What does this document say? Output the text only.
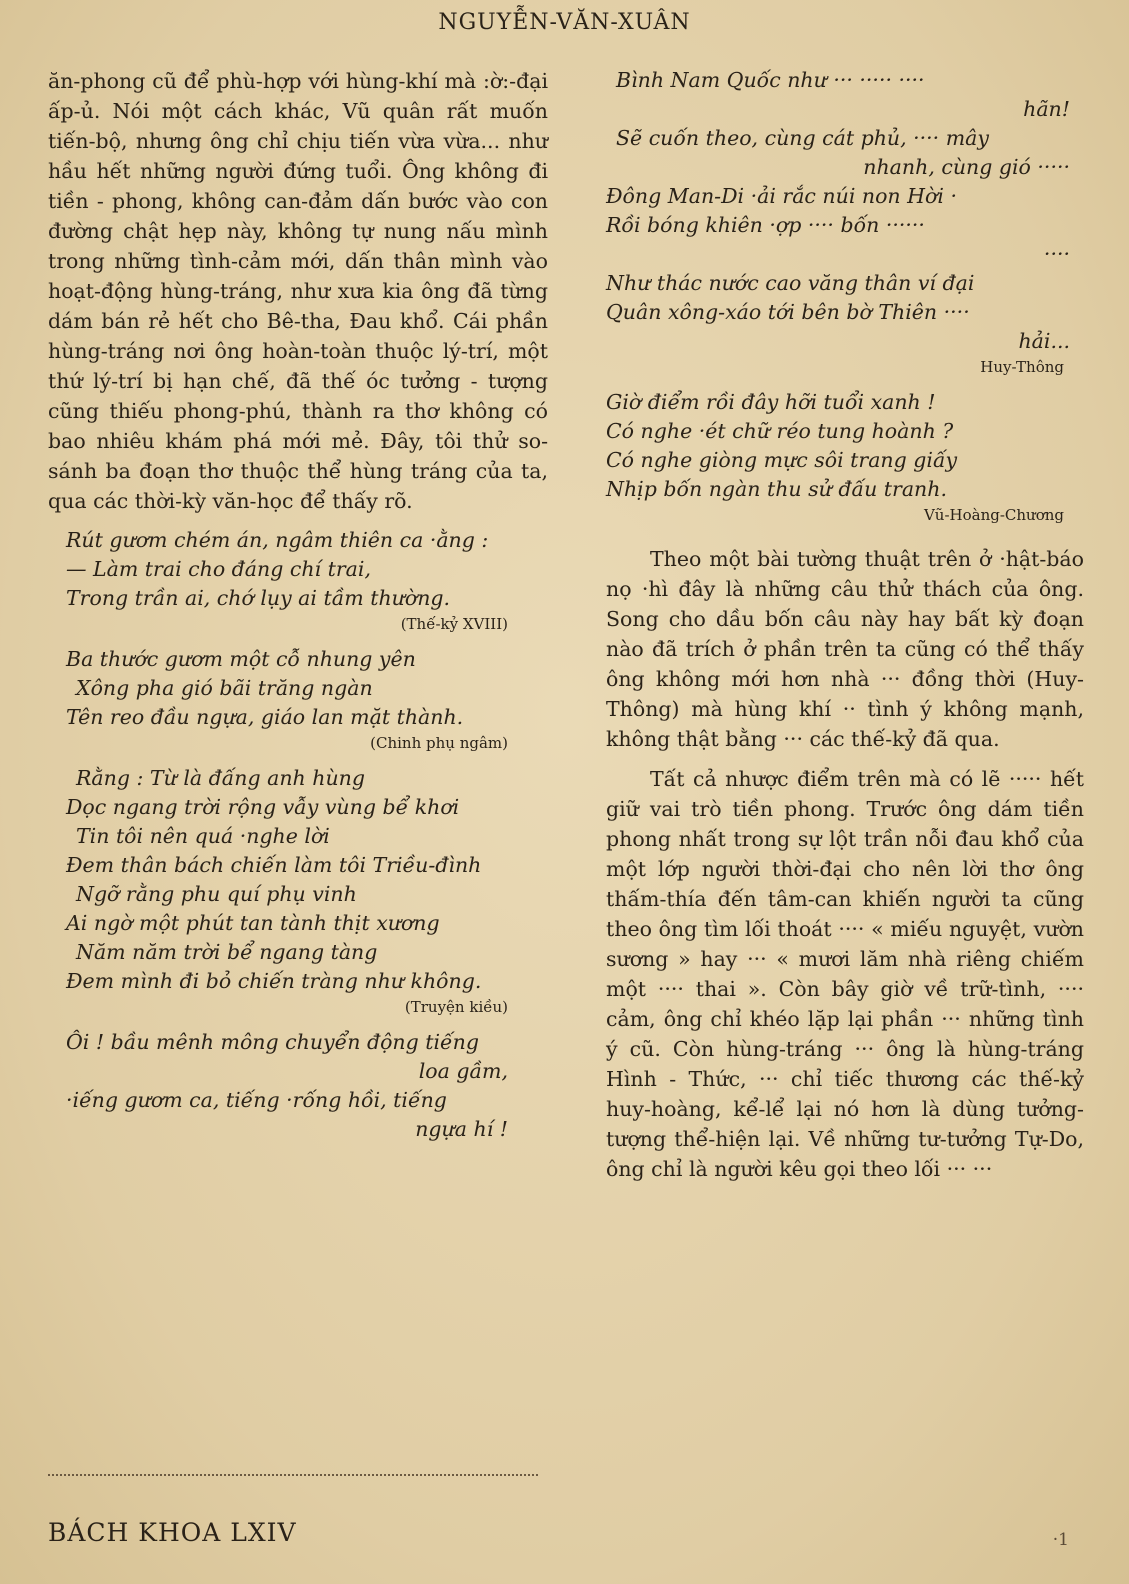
NGUYỄN-VĂN-XUÂN

ăn-phong cũ để phù-hợp với hùng-khí mà :ờ:-đại ấp-ủ. Nói một cách khác, Vũ quân rất muốn tiến-bộ, nhưng ông chỉ chịu tiến vừa vừa... như hầu hết những người đứng tuổi. Ông không đi tiền - phong, không can-đảm dấn bước vào con đường chật hẹp này, không tự nung nấu mình trong những tình-cảm mới, dấn thân mình vào hoạt-động hùng-tráng, như xưa kia ông đã từng dám bán rẻ hết cho Bê-tha, Đau khổ. Cái phần hùng-tráng nơi ông hoàn-toàn thuộc lý-trí, một thứ lý-trí bị hạn chế, đã thế óc tưởng - tượng cũng thiếu phong-phú, thành ra thơ không có bao nhiêu khám phá mới mẻ. Đây, tôi thử so-sánh ba đoạn thơ thuộc thể hùng tráng của ta, qua các thời-kỳ văn-học để thấy rõ.

Rút gươm chém án, ngâm thiên ca ·ằng :
— Làm trai cho đáng chí trai,
Trong trần ai, chớ lụy ai tầm thường.
(Thế-kỷ XVIII)
Ba thước gươm một cỗ nhung yên
Xông pha gió bãi trăng ngàn
Tên reo đầu ngựa, giáo lan mặt thành.
(Chinh phụ ngâm)
Rằng : Từ là đấng anh hùng
Dọc ngang trời rộng vẫy vùng bể khơi
Tin tôi nên quá ·nghe lời
Đem thân bách chiến làm tôi Triều-đình
Ngỡ rằng phu quí phụ vinh
Ai ngờ một phút tan tành thịt xương
Năm năm trời bể ngang tàng
Đem mình đi bỏ chiến tràng như không.
(Truyện kiều)
Ôi ! bầu mênh mông chuyển động tiếng
loa gầm,
·iếng gươm ca, tiếng ·rống hồi, tiếng
ngựa hí !
Bình Nam Quốc như ··· ····· ····
hãn!
Sẽ cuốn theo, cùng cát phủ, ···· mây
nhanh, cùng gió ·····
Đông Man-Di ·ải rắc núi non Hời ·
Rồi bóng khiên ·ợp ···· bốn ······
····
Như thác nước cao văng thân ví đại
Quân xông-xáo tới bên bờ Thiên ····
hải...
Huy-Thông
Giờ điểm rồi đây hỡi tuổi xanh !
Có nghe ·ét chữ réo tung hoành ?
Có nghe giòng mực sôi trang giấy
Nhịp bốn ngàn thu sử đấu tranh.
Vũ-Hoàng-Chương

Theo một bài tường thuật trên ở ·hật-báo nọ ·hì đây là những câu thử thách của ông. Song cho dầu bốn câu này hay bất kỳ đoạn nào đã trích ở phần trên ta cũng có thể thấy ông không mới hơn nhà ··· đồng thời (Huy-Thông) mà hùng khí ·· tình ý không mạnh, không thật bằng ··· các thế-kỷ đã qua.

Tất cả nhược điểm trên mà có lẽ ····· hết giữ vai trò tiền phong. Trước ông dám tiền phong nhất trong sự lột trần nỗi đau khổ của một lớp người thời-đại cho nên lời thơ ông thấm-thía đến tâm-can khiến người ta cũng theo ông tìm lối thoát ···· « miếu nguyệt, vườn sương » hay ··· « mươi lăm nhà riêng chiếm một ···· thai ». Còn bây giờ về trữ-tình, ···· cảm, ông chỉ khéo lặp lại phần ··· những tình ý cũ. Còn hùng-tráng ··· ông là hùng-tráng Hình - Thức, ··· chỉ tiếc thương các thế-kỷ huy-hoàng, kể-lể lại nó hơn là dùng tưởng-tượng thể-hiện lại. Về những tư-tưởng Tự-Do, ông chỉ là người kêu gọi theo lối ··· ···

BÁCH KHOA LXIV	·1
